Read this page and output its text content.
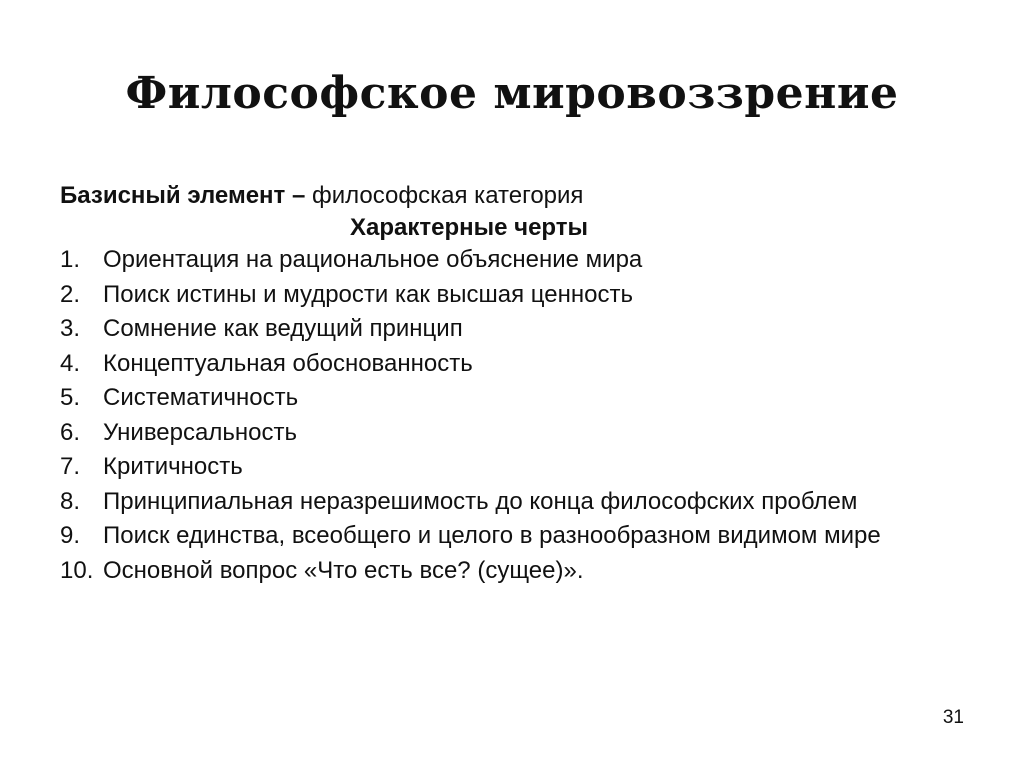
Философское мировоззрение
Базисный элемент – философская категория
Характерные черты
1. Ориентация на рациональное объяснение мира
2. Поиск истины и мудрости как высшая ценность
3. Сомнение как ведущий принцип
4. Концептуальная обоснованность
5. Систематичность
6. Универсальность
7. Критичность
8. Принципиальная неразрешимость до конца философских проблем
9. Поиск единства, всеобщего и целого в разнообразном видимом мире
10. Основной вопрос «Что есть все? (сущее)».
31
